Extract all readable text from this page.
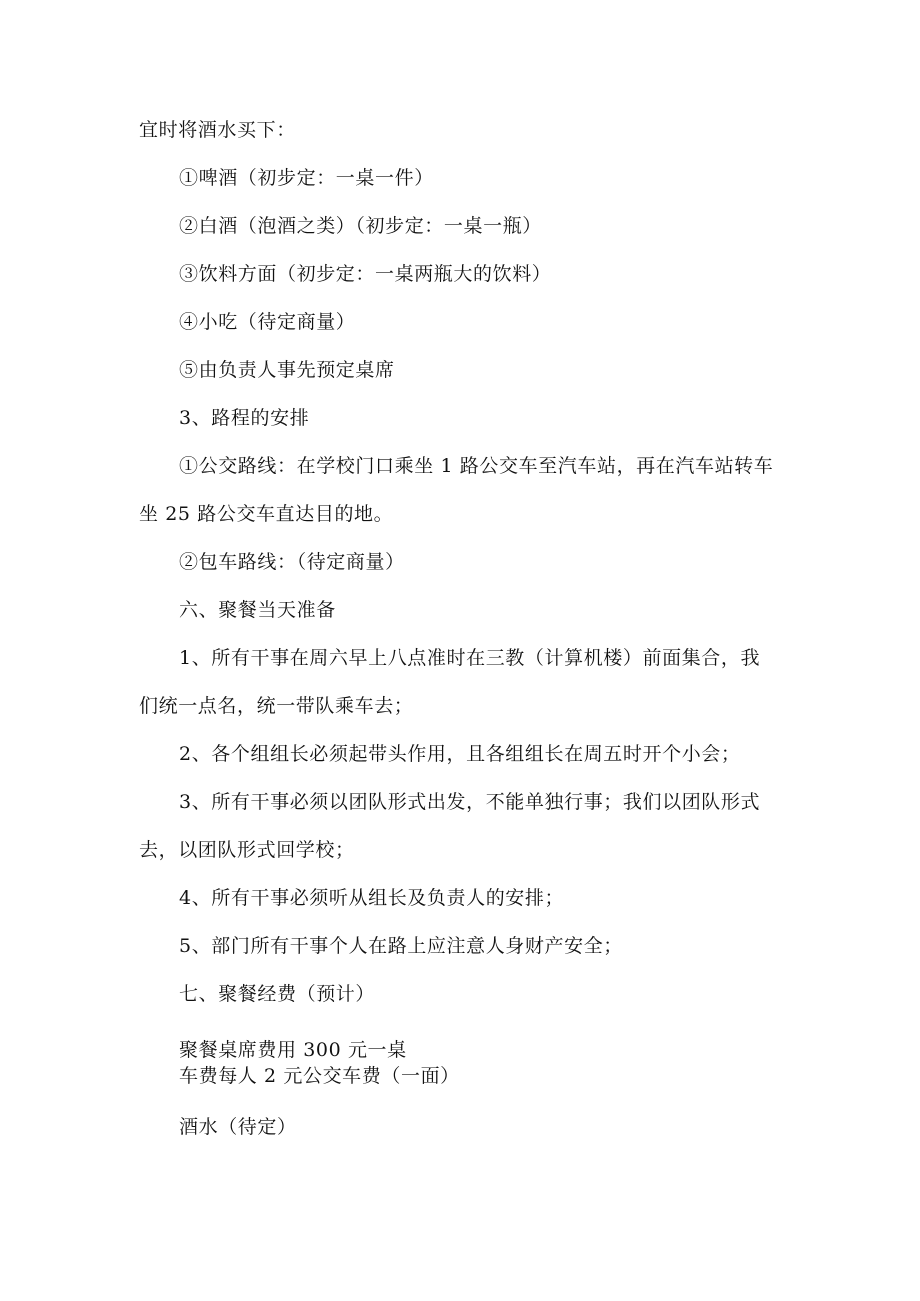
宜时将酒水买下：

①啤酒（初步定：一桌一件）

②白酒（泡酒之类）（初步定：一桌一瓶）

③饮料方面（初步定：一桌两瓶大的饮料）

④小吃（待定商量）

⑤由负责人事先预定桌席

3、路程的安排

①公交路线：在学校门口乘坐 1 路公交车至汽车站，再在汽车站转车

坐 25 路公交车直达目的地。

②包车路线：（待定商量）

六、聚餐当天准备

1、所有干事在周六早上八点准时在三教（计算机楼）前面集合，我

们统一点名，统一带队乘车去；

2、各个组组长必须起带头作用，且各组组长在周五时开个小会；

3、所有干事必须以团队形式出发，不能单独行事；我们以团队形式

去，以团队形式回学校；

4、所有干事必须听从组长及负责人的安排；

5、部门所有干事个人在路上应注意人身财产安全；

七、聚餐经费（预计）

聚餐桌席费用 300 元一桌

车费每人 2 元公交车费（一面）

酒水（待定）
